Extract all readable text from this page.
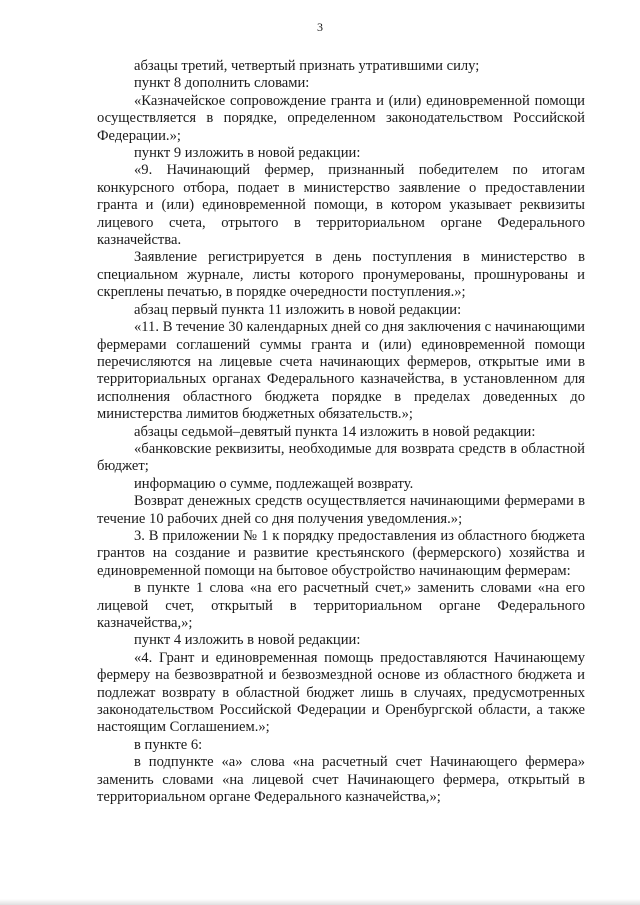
3

абзацы третий, четвертый признать утратившими силу;

пункт 8 дополнить словами:

«Казначейское сопровождение гранта и (или) единовременной помощи осуществляется в порядке, определенном законодательством Российской Федерации.»;

пункт 9 изложить в новой редакции:

«9. Начинающий фермер, признанный победителем по итогам конкурсного отбора, подает в министерство заявление о предоставлении гранта и (или) единовременной помощи, в котором указывает реквизиты лицевого счета, отрытого в территориальном органе Федерального казначейства.

Заявление регистрируется в день поступления в министерство в специальном журнале, листы которого пронумерованы, прошнурованы и скреплены печатью, в порядке очередности поступления.»;

абзац первый пункта 11 изложить в новой редакции:

«11. В течение 30 календарных дней со дня заключения с начинающими фермерами соглашений суммы гранта и (или) единовременной помощи перечисляются на лицевые счета начинающих фермеров, открытые ими в территориальных органах Федерального казначейства, в установленном для исполнения областного бюджета порядке в пределах доведенных до министерства лимитов бюджетных обязательств.»;

абзацы седьмой–девятый пункта 14 изложить в новой редакции:

«банковские реквизиты, необходимые для возврата средств в областной бюджет;

информацию о сумме, подлежащей возврату.

Возврат денежных средств осуществляется начинающими фермерами в течение 10 рабочих дней со дня получения уведомления.»;

3. В приложении № 1 к порядку предоставления из областного бюджета грантов на создание и развитие крестьянского (фермерского) хозяйства и единовременной помощи на бытовое обустройство начинающим фермерам:

в пункте 1 слова «на его расчетный счет,» заменить словами «на его лицевой счет, открытый в территориальном органе Федерального казначейства,»;

пункт 4 изложить в новой редакции:

«4. Грант и единовременная помощь предоставляются Начинающему фермеру на безвозвратной и безвозмездной основе из областного бюджета и подлежат возврату в областной бюджет лишь в случаях, предусмотренных законодательством Российской Федерации и Оренбургской области, а также настоящим Соглашением.»;

в пункте 6:

в подпункте «а» слова «на расчетный счет Начинающего фермера» заменить словами «на лицевой счет Начинающего фермера, открытый в территориальном органе Федерального казначейства,»;
